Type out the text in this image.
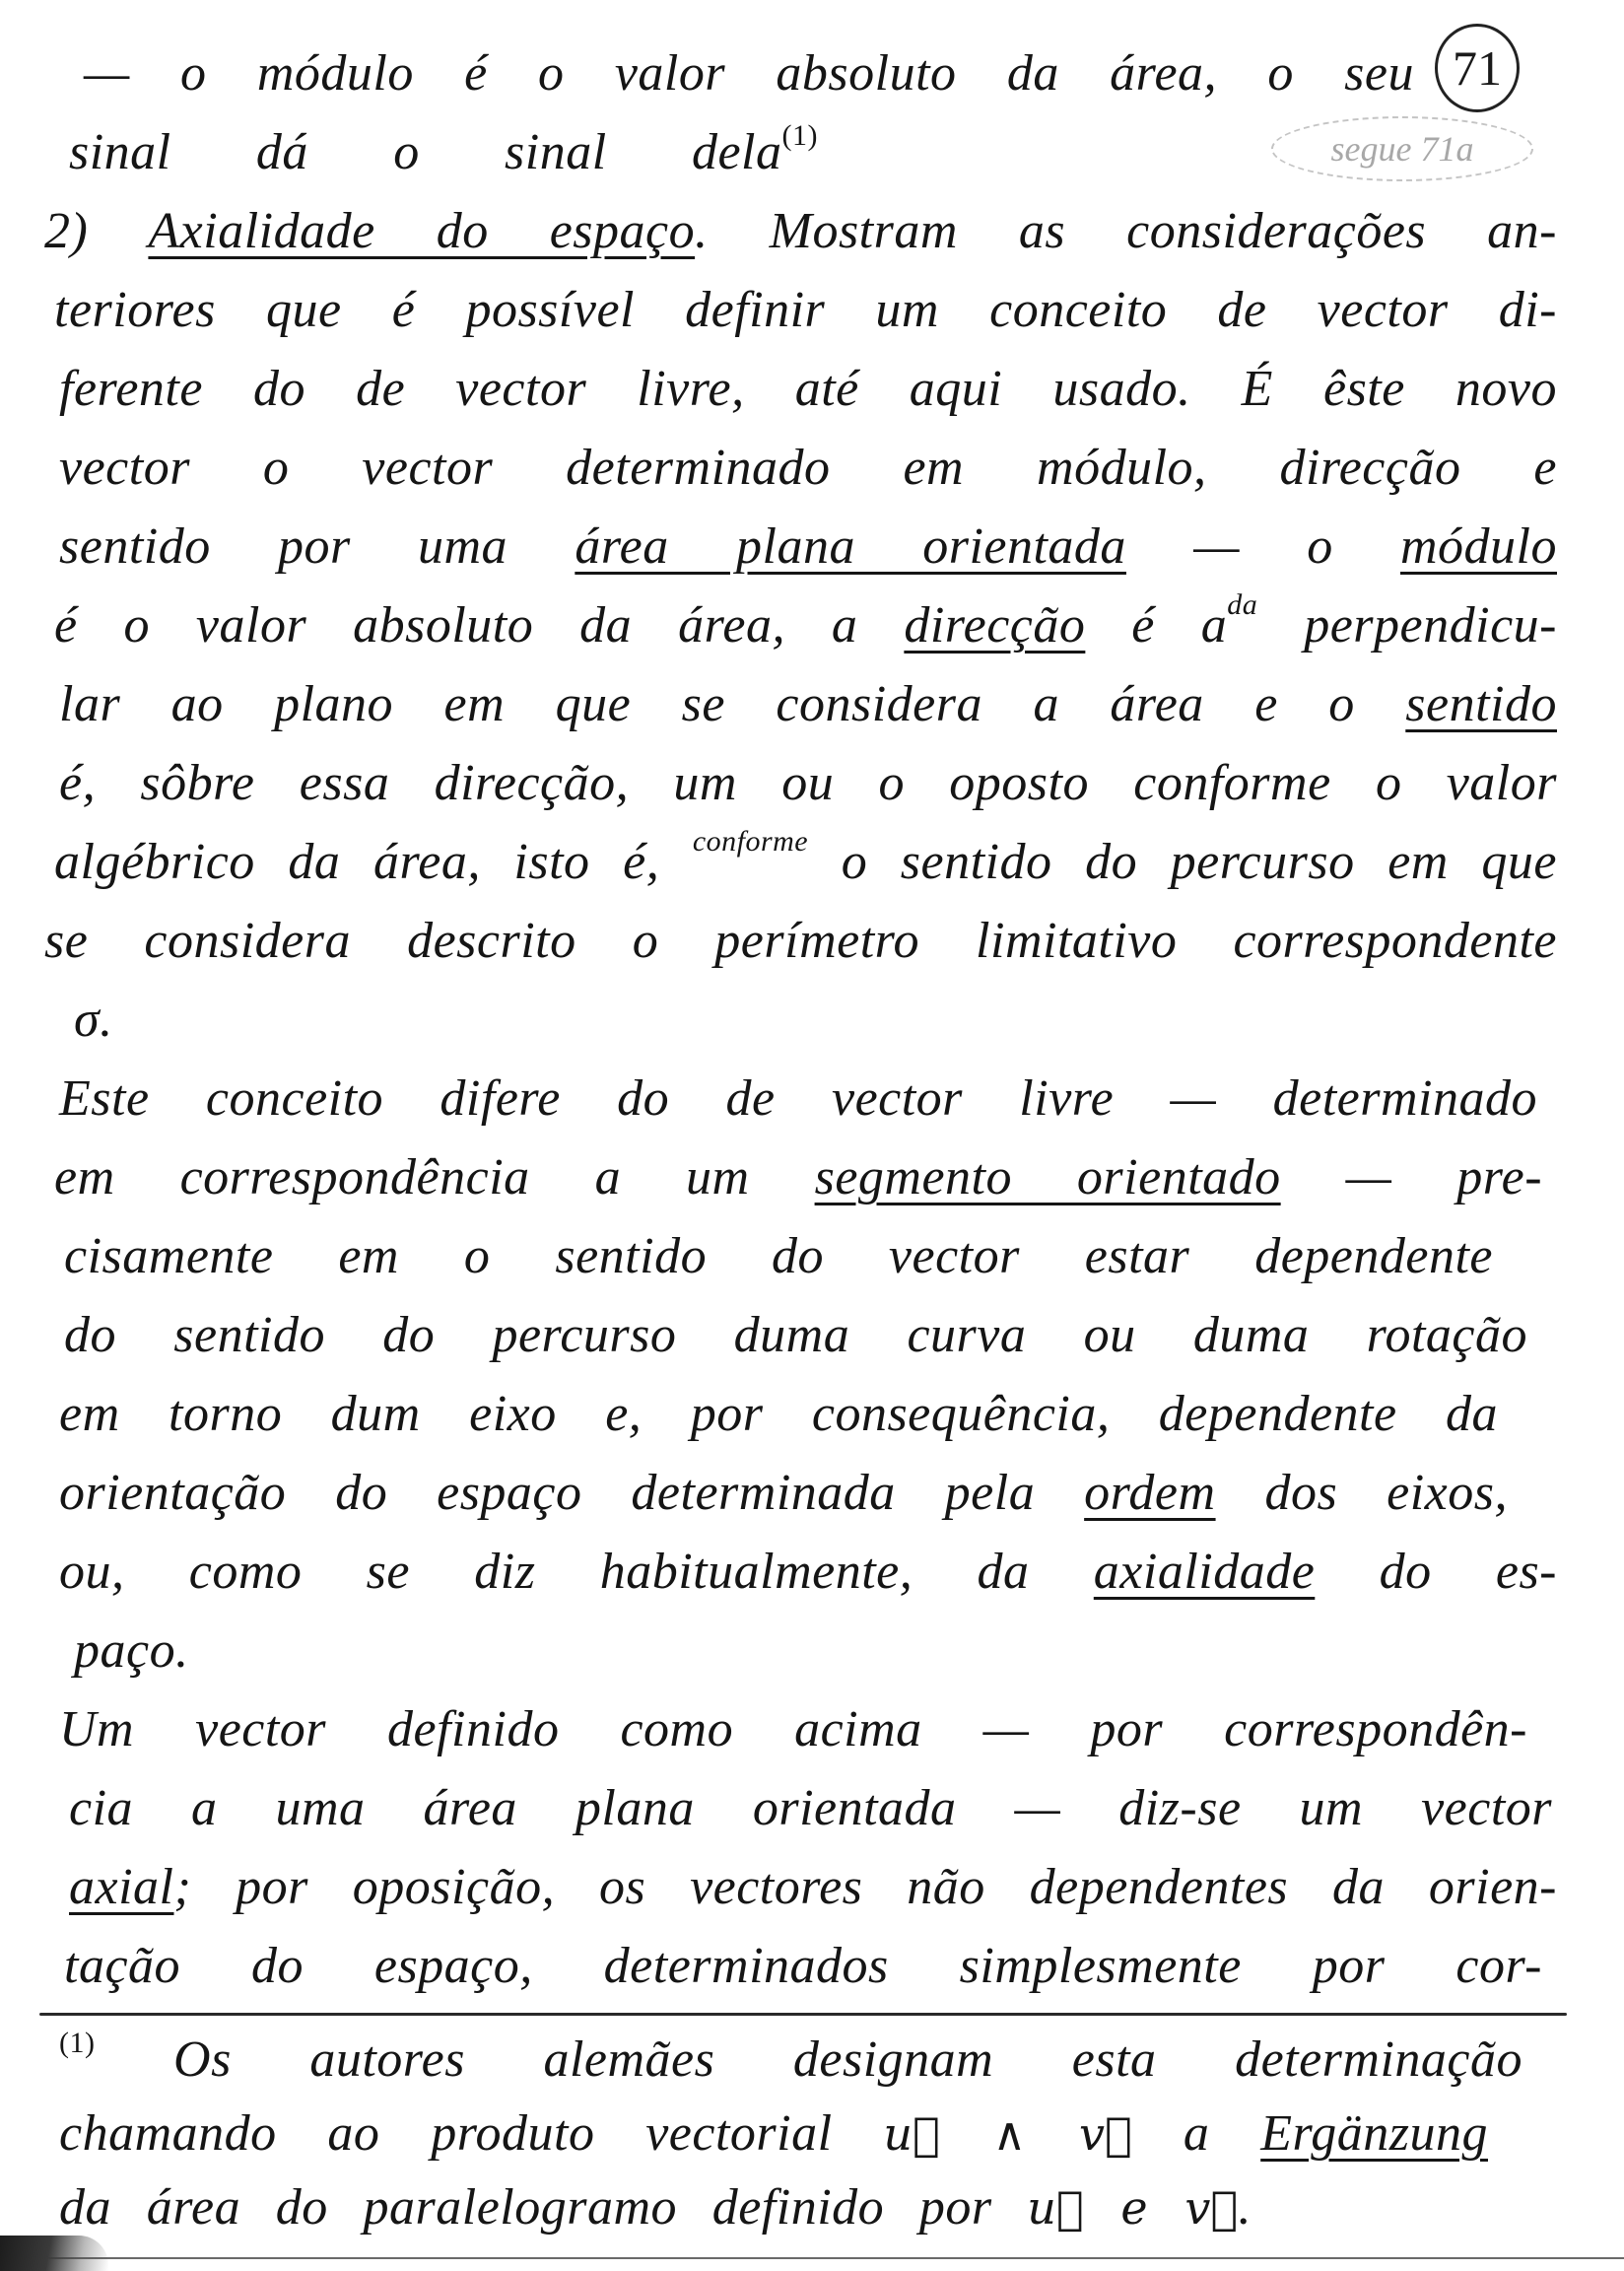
71
segue 71a
— o módulo é o valor absoluto da área, o seu
sinal dá o sinal dela$^{(1)}$
2) Axialidade do espaço. Mostram as considerações an-
teriores que é possível definir um conceito de vector di-
ferente do de vector livre, até aqui usado. É êste novo
vector o vector determinado em módulo, direcção e
sentido por uma área plana orientada — o módulo
é o valor absoluto da área, a direcção é $a^{da}$ perpendicu-
lar ao plano em que se considera a área e o sentido
é, sôbre essa direcção, um ou o oposto conforme o valor
algébrico da área, isto é, $^{conforme}$ o sentido do percurso em que
se considera descrito o perímetro limitativo correspondente
σ.
Este conceito difere do de vector livre — determinado
em correspondência a um segmento orientado — pre-
cisamente em o sentido do vector estar dependente
do sentido do percurso duma curva ou duma rotação
em torno dum eixo e, por consequência, dependente da
orientação do espaço determinada pela ordem dos eixos,
ou, como se diz habitualmente, da axialidade do es-
paço.
Um vector definido como acima — por correspondên-
cia a uma área plana orientada — diz-se um vector
axial; por oposição, os vectores não dependentes da orien-
tação do espaço, determinados simplesmente por cor-
$^{(1)}$ Os autores alemães designam esta determinação
chamando ao produto vectorial u⃗ ∧ v⃗ a Ergänzung
da área do paralelogramo definido por u⃗ e v⃗.
